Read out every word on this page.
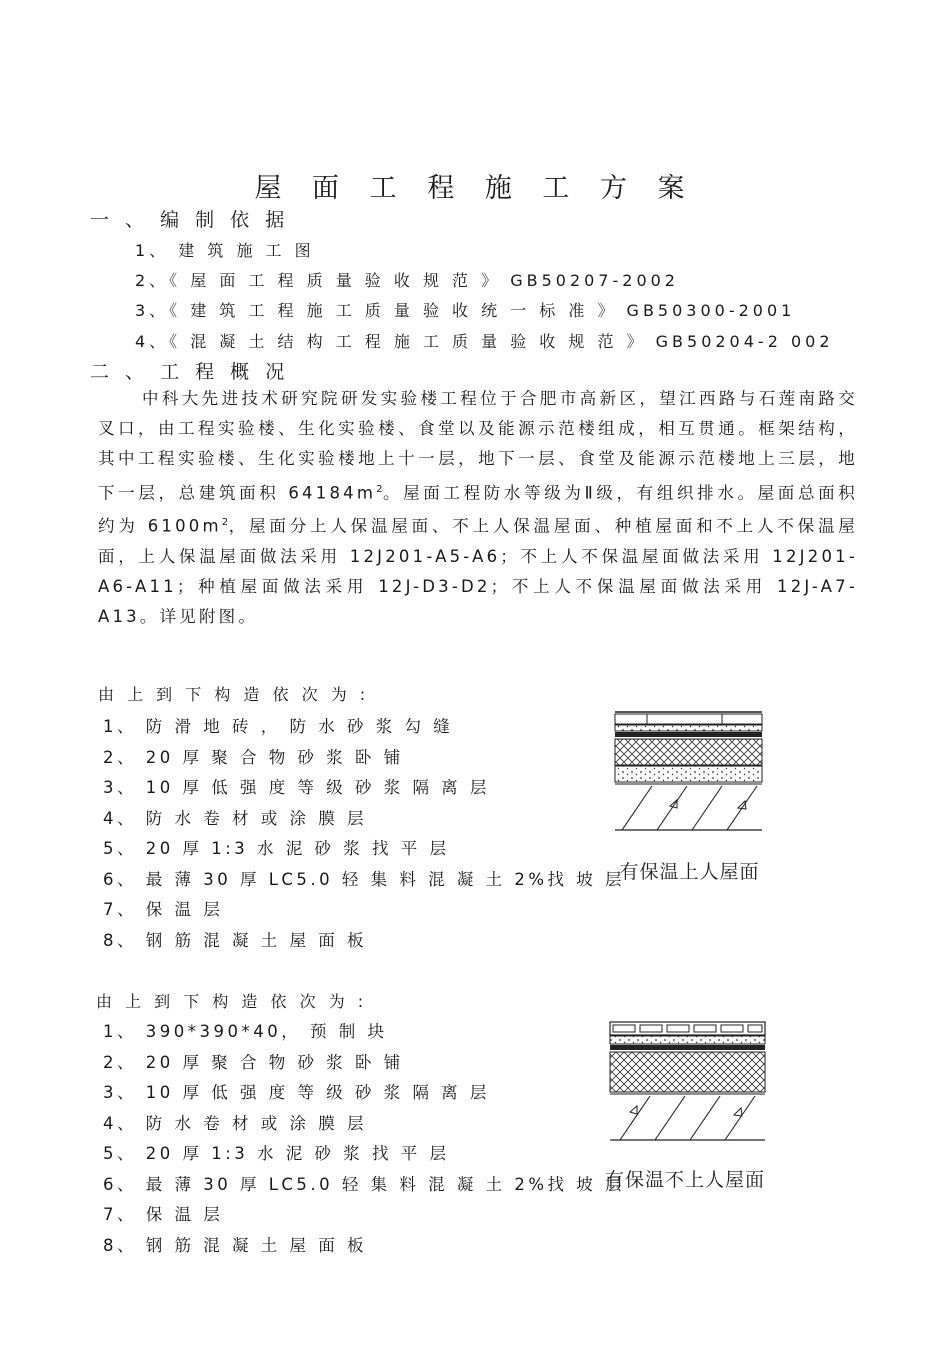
屋 面 工 程 施 工 方 案
一 、 编 制 依 据
1、 建 筑 施 工 图
2、《 屋 面 工 程 质 量 验 收 规 范 》 GB50207-2002
3、《 建 筑 工 程 施 工 质 量 验 收 统 一 标 准 》 GB50300-2001
4、《 混 凝 土 结 构 工 程 施 工 质 量 验 收 规 范 》 GB50204-2 002
二 、 工 程 概 况

中科大先进技术研究院研发实验楼工程位于合肥市高新区，望江西路与石莲南路交叉口，由工程实验楼、生化实验楼、食堂以及能源示范楼组成，相互贯通。框架结构，其中工程实验楼、生化实验楼地上十一层，地下一层、食堂及能源示范楼地上三层，地下一层，总建筑面积 $64184m^2$。屋面工程防水等级为Ⅱ级，有组织排水。屋面总面积约为 $6100m^2$，屋面分上人保温屋面、不上人保温屋面、种植屋面和不上人不保温屋面，上人保温屋面做法采用 12J201-A5-A6；不上人不保温屋面做法采用 12J201-A6-A11；种植屋面做法采用 12J-D3-D2；不上人不保温屋面做法采用 12J-A7-A13。详见附图。

由 上 到 下 构 造 依 次 为 :
1、 防 滑 地 砖 ， 防 水 砂 浆 勾 缝
2、 20 厚 聚 合 物 砂 浆 卧 铺
3、 10 厚 低 强 度 等 级 砂 浆 隔 离 层
4、 防 水 卷 材 或 涂 膜 层
5、 20 厚 1:3 水 泥 砂 浆 找 平 层
6、 最 薄 30 厚 LC5.0 轻 集 料 混 凝 土 2%找 坡 层
7、 保 温 层
8、 钢 筋 混 凝 土 屋 面 板
有保温上人屋面
由 上 到 下 构 造 依 次 为 :
1、 390*390*40， 预 制 块
2、 20 厚 聚 合 物 砂 浆 卧 铺
3、 10 厚 低 强 度 等 级 砂 浆 隔 离 层
4、 防 水 卷 材 或 涂 膜 层
5、 20 厚 1:3 水 泥 砂 浆 找 平 层
6、 最 薄 30 厚 LC5.0 轻 集 料 混 凝 土 2%找 坡 层
7、 保 温 层
8、 钢 筋 混 凝 土 屋 面 板
有保温不上人屋面
